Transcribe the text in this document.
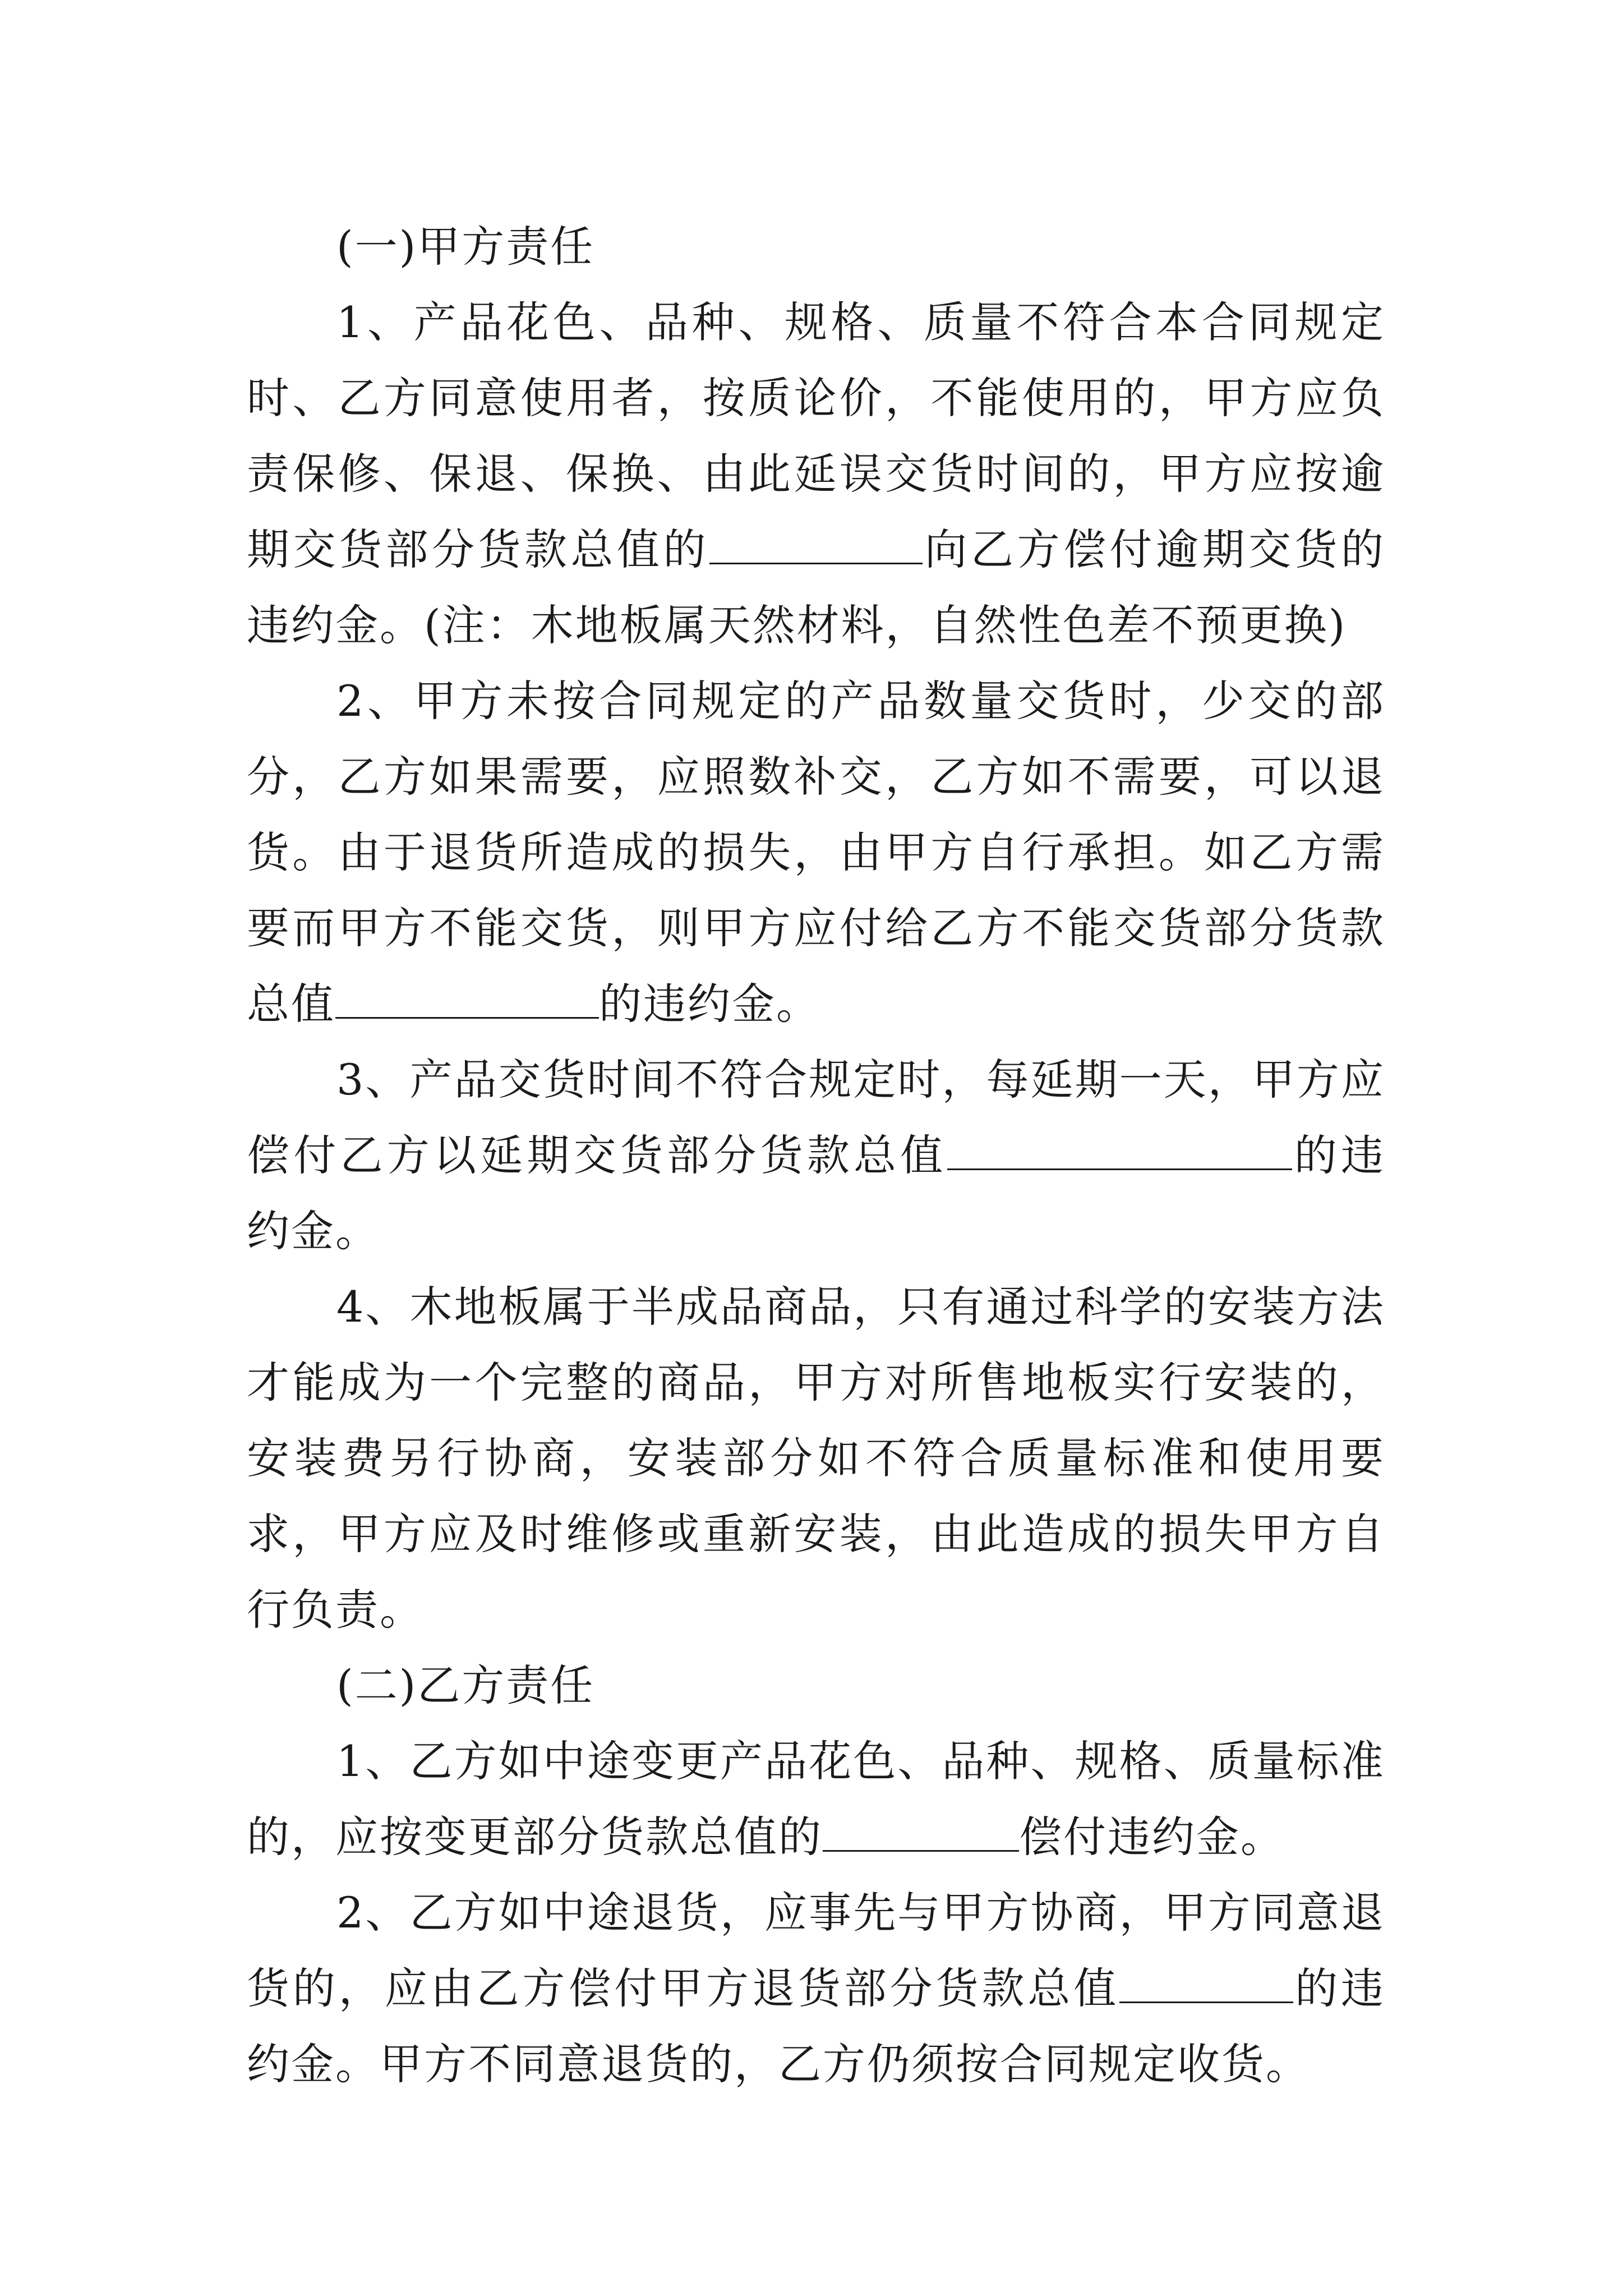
(一)甲方责任

1、产品花色、品种、规格、质量不符合本合同规定时、乙方同意使用者，按质论价，不能使用的，甲方应负责保修、保退、保换、由此延误交货时间的，甲方应按逾期交货部分货款总值的	向乙方偿付逾期交货的违约金。(注：木地板属天然材料，自然性色差不预更换)

2、甲方未按合同规定的产品数量交货时，少交的部分，乙方如果需要，应照数补交，乙方如不需要，可以退货。由于退货所造成的损失，由甲方自行承担。如乙方需要而甲方不能交货，则甲方应付给乙方不能交货部分货款总值	的违约金。

3、产品交货时间不符合规定时，每延期一天，甲方应偿付乙方以延期交货部分货款总值	的违约金。

4、木地板属于半成品商品，只有通过科学的安装方法才能成为一个完整的商品，甲方对所售地板实行安装的，安装费另行协商，安装部分如不符合质量标准和使用要求，甲方应及时维修或重新安装，由此造成的损失甲方自行负责。

(二)乙方责任

1、乙方如中途变更产品花色、品种、规格、质量标准的，应按变更部分货款总值的	偿付违约金。

2、乙方如中途退货，应事先与甲方协商，甲方同意退货的，应由乙方偿付甲方退货部分货款总值	的违约金。甲方不同意退货的，乙方仍须按合同规定收货。
